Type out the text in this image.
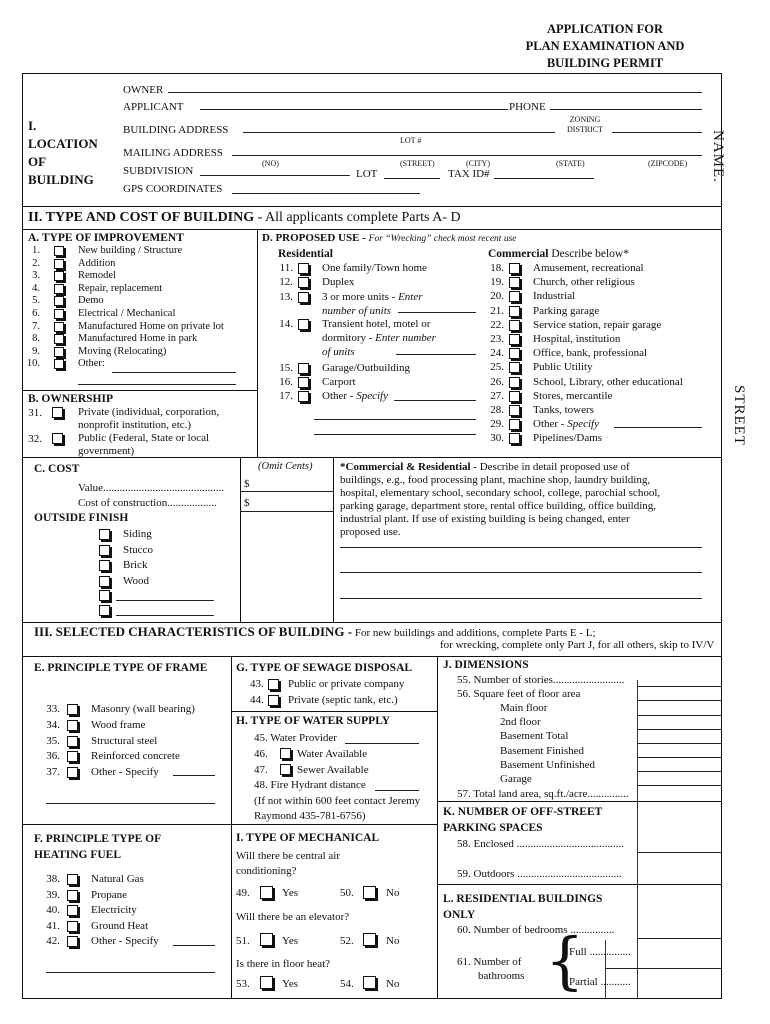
APPLICATION FOR
PLAN EXAMINATION AND
BUILDING PERMIT
NAME.
STREET
I.
LOCATION
OF
BUILDING
OWNER
APPLICANT	PHONE
ZONING
DISTRICT
BUILDING ADDRESS
LOT #
MAILING ADDRESS
(NO)	(STREET)	(CITY)	(STATE)	(ZIPCODE)
SUBDIVISION	LOT	TAX ID#
GPS COORDINATES
II. TYPE AND COST OF BUILDING - All applicants complete Parts A- D
A. TYPE OF IMPROVEMENT
1.	New building / Structure
2.	Addition
3.	Remodel
4.	Repair, replacement
5.	Demo
6.	Electrical / Mechanical
7.	Manufactured Home on private lot
8.	Manufactured Home in park
9.	Moving (Relocating)
10.	Other:
D. PROPOSED USE - For “Wrecking” check most recent use
Residential	Commercial Describe below*
11.	One family/Town home
12.	Duplex
13.	3 or more units - Enter
number of units
14.	Transient hotel, motel or
dormitory - Enter number
of units
15.	Garage/Outbuilding
16.	Carport
17.	Other - Specify
18.	Amusement, recreational
19.	Church, other religious
20.	Industrial
21.	Parking garage
22.	Service station, repair garage
23.	Hospital, institution
24.	Office, bank, professional
25.	Public Utility
26.	School, Library, other educational
27.	Stores, mercantile
28.	Tanks, towers
29.	Other - Specify
30.	Pipelines/Dams
B. OWNERSHIP
31.	Private (individual, corporation,
nonprofit institution, etc.)
32.	Public (Federal, State or local
government)
C. COST	(Omit Cents)
Value............................................
Cost of construction..................
$
$
OUTSIDE FINISH
Siding
Stucco
Brick
Wood
*Commercial & Residential - Describe in detail proposed use of
buildings, e.g., food processing plant, machine shop, laundry building,
hospital, elementary school, secondary school, college, parochial school,
parking garage, department store, rental office building, office building,
industrial plant. If use of existing building is being changed, enter
proposed use.
III. SELECTED CHARACTERISTICS OF BUILDING - For new buildings and additions, complete Parts E - L;
for wrecking, complete only Part J, for all others, skip to IV/V
E. PRINCIPLE TYPE OF FRAME
33.	Masonry (wall bearing)
34.	Wood frame
35.	Structural steel
36.	Reinforced concrete
37.	Other - Specify
G. TYPE OF SEWAGE DISPOSAL
43. Public or private company
44. Private (septic tank, etc.)
H. TYPE OF WATER SUPPLY
45. Water Provider
46.	Water Available
47.	Sewer Available
48. Fire Hydrant distance
(If not within 600 feet contact Jeremy
Raymond 435-781-6756)
J. DIMENSIONS
55. Number of stories..........................
56. Square feet of floor area
Main floor
2nd floor
Basement Total
Basement Finished
Basement Unfinished
Garage
57. Total land area, sq.ft./acre...............
K. NUMBER OF OFF-STREET
PARKING SPACES
58. Enclosed .......................................
59. Outdoors ......................................
F. PRINCIPLE TYPE OF
HEATING FUEL
38.	Natural Gas
39.	Propane
40.	Electricity
41.	Ground Heat
42.	Other - Specify
I. TYPE OF MECHANICAL
Will there be central air
conditioning?
49.	Yes	50.	No
Will there be an elevator?
51.	Yes	52.	No
Is there in floor heat?
53.	Yes	54.	No
L. RESIDENTIAL BUILDINGS
ONLY
60. Number of bedrooms ................
61. Number of
bathrooms {
Full ...............
Partial ...........
